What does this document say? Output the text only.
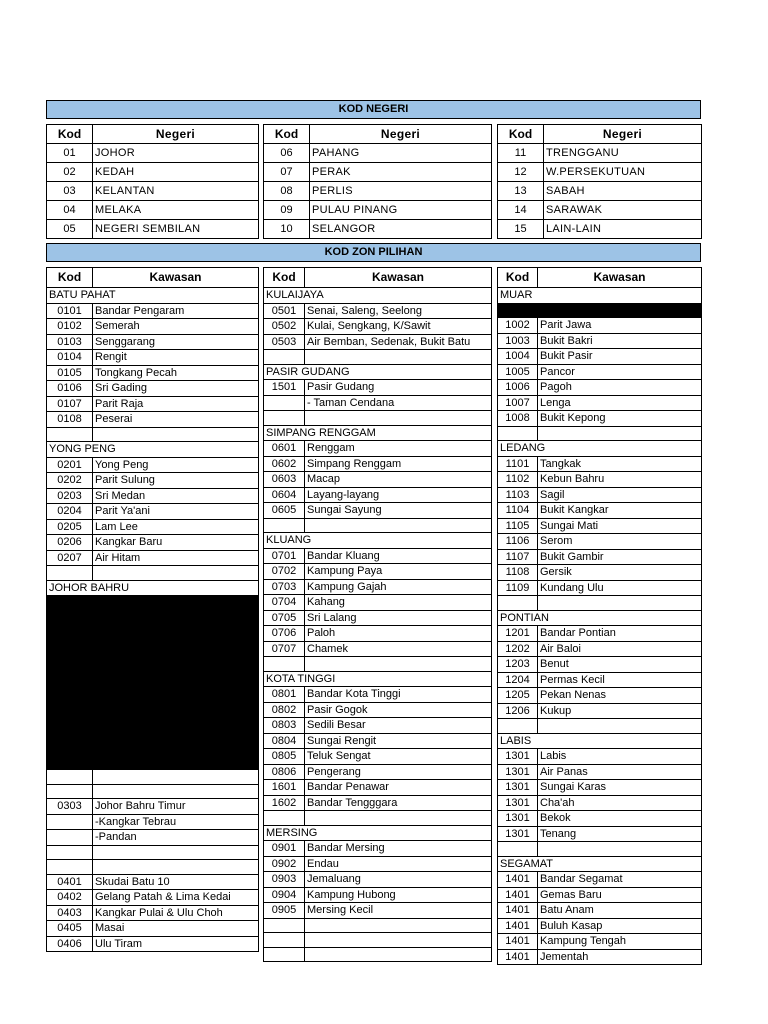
KOD NEGERI
Kod	Negeri
01	JOHOR
02	KEDAH
03	KELANTAN
04	MELAKA
05	NEGERI SEMBILAN
Kod	Negeri
06	PAHANG
07	PERAK
08	PERLIS
09	PULAU PINANG
10	SELANGOR
Kod	Negeri
11	TRENGGANU
12	W.PERSEKUTUAN
13	SABAH
14	SARAWAK
15	LAIN-LAIN
KOD ZON PILIHAN
Kod	Kawasan
BATU PAHAT	
0101	Bandar Pengaram
0102	Semerah
0103	Senggarang
0104	Rengit
0105	Tongkang Pecah
0106	Sri Gading
0107	Parit Raja
0108	Peserai

YONG PENG	
0201	Yong Peng
0202	Parit Sulung
0203	Sri Medan
0204	Parit Ya'ani
0205	Lam Lee
0206	Kangkar Baru
0207	Air Hitam

JOHOR BAHRU	

0303	Johor Bahru Timur
	-Kangkar Tebrau
	-Pandan

0401	Skudai Batu 10
0402	Gelang Patah & Lima Kedai
0403	Kangkar Pulai & Ulu Choh
0405	Masai
0406	Ulu Tiram
Kod	Kawasan
KULAIJAYA	
0501	Senai, Saleng, Seelong
0502	Kulai, Sengkang, K/Sawit
0503	Air Bemban, Sedenak, Bukit Batu

PASIR GUDANG	
1501	Pasir Gudang
	- Taman Cendana

SIMPANG RENGGAM	
0601	Renggam
0602	Simpang Renggam
0603	Macap
0604	Layang-layang
0605	Sungai Sayung

KLUANG	
0701	Bandar Kluang
0702	Kampung Paya
0703	Kampung Gajah
0704	Kahang
0705	Sri Lalang
0706	Paloh
0707	Chamek

KOTA TINGGI	
0801	Bandar Kota Tinggi
0802	Pasir Gogok
0803	Sedili Besar
0804	Sungai Rengit
0805	Teluk Sengat
0806	Pengerang
1601	Bandar Penawar
1602	Bandar Tengggara

MERSING	
0901	Bandar Mersing
0902	Endau
0903	Jemaluang
0904	Kampung Hubong
0905	Mersing Kecil

Kod	Kawasan
MUAR	

1002	Parit Jawa
1003	Bukit Bakri
1004	Bukit Pasir
1005	Pancor
1006	Pagoh
1007	Lenga
1008	Bukit Kepong

LEDANG	
1101	Tangkak
1102	Kebun Bahru
1103	Sagil
1104	Bukit Kangkar
1105	Sungai Mati
1106	Serom
1107	Bukit Gambir
1108	Gersik
1109	Kundang Ulu

PONTIAN	
1201	Bandar Pontian
1202	Air Baloi
1203	Benut
1204	Permas Kecil
1205	Pekan Nenas
1206	Kukup

LABIS	
1301	Labis
1301	Air Panas
1301	Sungai Karas
1301	Cha'ah
1301	Bekok
1301	Tenang

SEGAMAT	
1401	Bandar Segamat
1401	Gemas Baru
1401	Batu Anam
1401	Buluh Kasap
1401	Kampung Tengah
1401	Jementah
